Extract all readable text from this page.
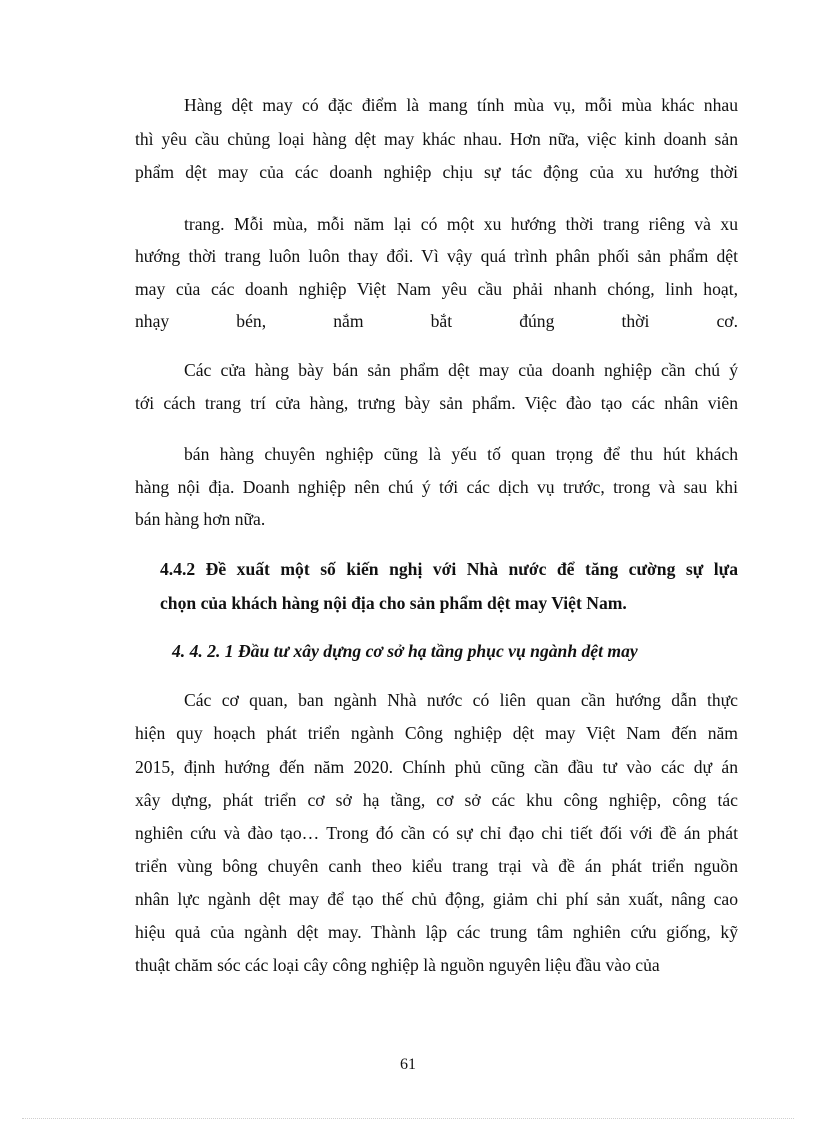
Hàng dệt may có đặc điểm là mang tính mùa vụ, mỗi mùa khác nhau
thì yêu cầu chủng loại hàng dệt may khác nhau. Hơn nữa, việc kinh doanh sản
phẩm dệt may của các doanh nghiệp chịu sự tác động của xu hướng thời
trang. Mỗi mùa, mỗi năm lại có một xu hướng thời trang riêng và xu
hướng thời trang luôn luôn thay đổi. Vì vậy quá trình phân phối sản phẩm dệt
may của các doanh nghiệp Việt Nam yêu cầu phải nhanh chóng, linh hoạt,
nhạy bén, nắm bắt đúng thời cơ.
Các cửa hàng bày bán sản phẩm dệt may của doanh nghiệp cần chú ý
tới cách trang trí cửa hàng, trưng bày sản phẩm. Việc đào tạo các nhân viên
bán hàng chuyên nghiệp cũng là yếu tố quan trọng để thu hút khách
hàng nội địa. Doanh nghiệp nên chú ý tới các dịch vụ trước, trong và sau khi
bán hàng hơn nữa.
4.4.2 Đề xuất một số kiến nghị với Nhà nước để tăng cường sự lựa
chọn của khách hàng nội địa cho sản phẩm dệt may Việt Nam.
4. 4. 2. 1 Đầu tư xây dựng cơ sở hạ tầng phục vụ ngành dệt may
Các cơ quan, ban ngành Nhà nước có liên quan cần hướng dẫn thực
hiện quy hoạch phát triển ngành Công nghiệp dệt may Việt Nam đến năm
2015, định hướng đến năm 2020. Chính phủ cũng cần đầu tư vào các dự án
xây dựng, phát triển cơ sở hạ tầng, cơ sở các khu công nghiệp, công tác
nghiên cứu và đào tạo… Trong đó cần có sự chỉ đạo chi tiết đối với đề án phát
triển vùng bông chuyên canh theo kiểu trang trại và đề án phát triển nguồn
nhân lực ngành dệt may để tạo thế chủ động, giảm chi phí sản xuất, nâng cao
hiệu quả của ngành dệt may. Thành lập các trung tâm nghiên cứu giống, kỹ
thuật chăm sóc các loại cây công nghiệp là nguồn nguyên liệu đầu vào của
61
